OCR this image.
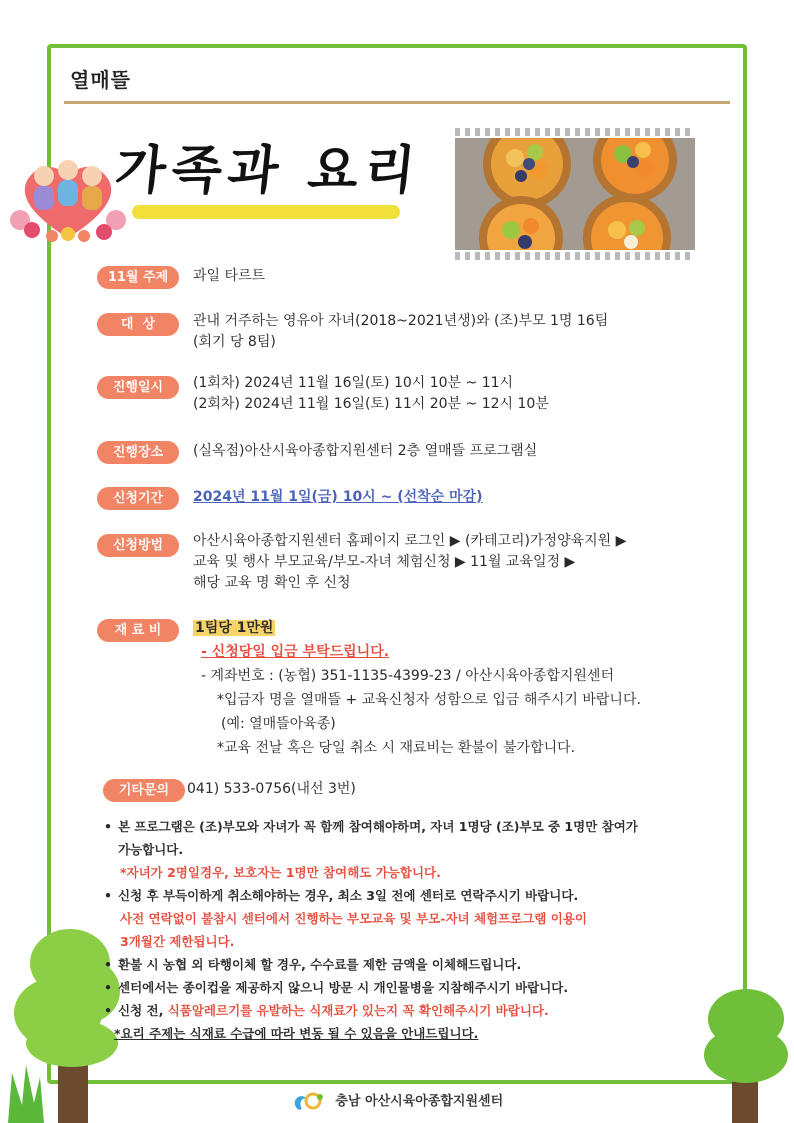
열매뜰
가족과 요리
11월 주제	과일 타르트
대  상	관내 거주하는 영유아 자녀(2018~2021년생)와 (조)부모 1명 16팀
(회기 당 8팀)
진행일시	(1회차) 2024년 11월 16일(토) 10시 10분 ~ 11시
(2회차) 2024년 11월 16일(토) 11시 20분 ~ 12시 10분
진행장소	(실옥점)아산시육아종합지원센터 2층 열매뜰 프로그램실
신청기간	2024년 11월 1일(금) 10시 ~ (선착순 마감)
신청방법	아산시육아종합지원센터 홈페이지 로그인 ▶ (카테고리)가정양육지원 ▶
교육 및 행사 부모교육/부모-자녀 체험신청 ▶ 11월 교육일정 ▶
해당 교육 명 확인 후 신청
재 료 비	1팀당 1만원
- 신청당일 입금 부탁드립니다.
- 계좌번호 : (농협) 351-1135-4399-23 / 아산시육아종합지원센터
*입금자 명을 열매뜰 + 교육신청자 성함으로 입금 해주시기 바랍니다.
(예: 열매뜰아육종)
*교육 전날 혹은 당일 취소 시 재료비는 환불이 불가합니다.
기타문의	041) 533-0756(내선 3번)
• 본 프로그램은 (조)부모와 자녀가 꼭 함께 참여해야하며, 자녀 1명당 (조)부모 중 1명만 참여가
가능합니다.
*자녀가 2명일경우, 보호자는 1명만 참여해도 가능합니다.
• 신청 후 부득이하게 취소해야하는 경우, 최소 3일 전에 센터로 연락주시기 바랍니다.
사전 연락없이 불참시 센터에서 진행하는 부모교육 및 부모-자녀 체험프로그램 이용이
3개월간 제한됩니다.
• 환불 시 농협 외 타행이체 할 경우, 수수료를 제한 금액을 이체해드립니다.
• 센터에서는 종이컵을 제공하지 않으니 방문 시 개인물병을 지참해주시기 바랍니다.
• 신청 전, 식품알레르기를 유발하는 식재료가 있는지 꼭 확인해주시기 바랍니다.
*요리 주제는 식재료 수급에 따라 변동 될 수 있음을 안내드립니다.
충남 아산시육아종합지원센터
